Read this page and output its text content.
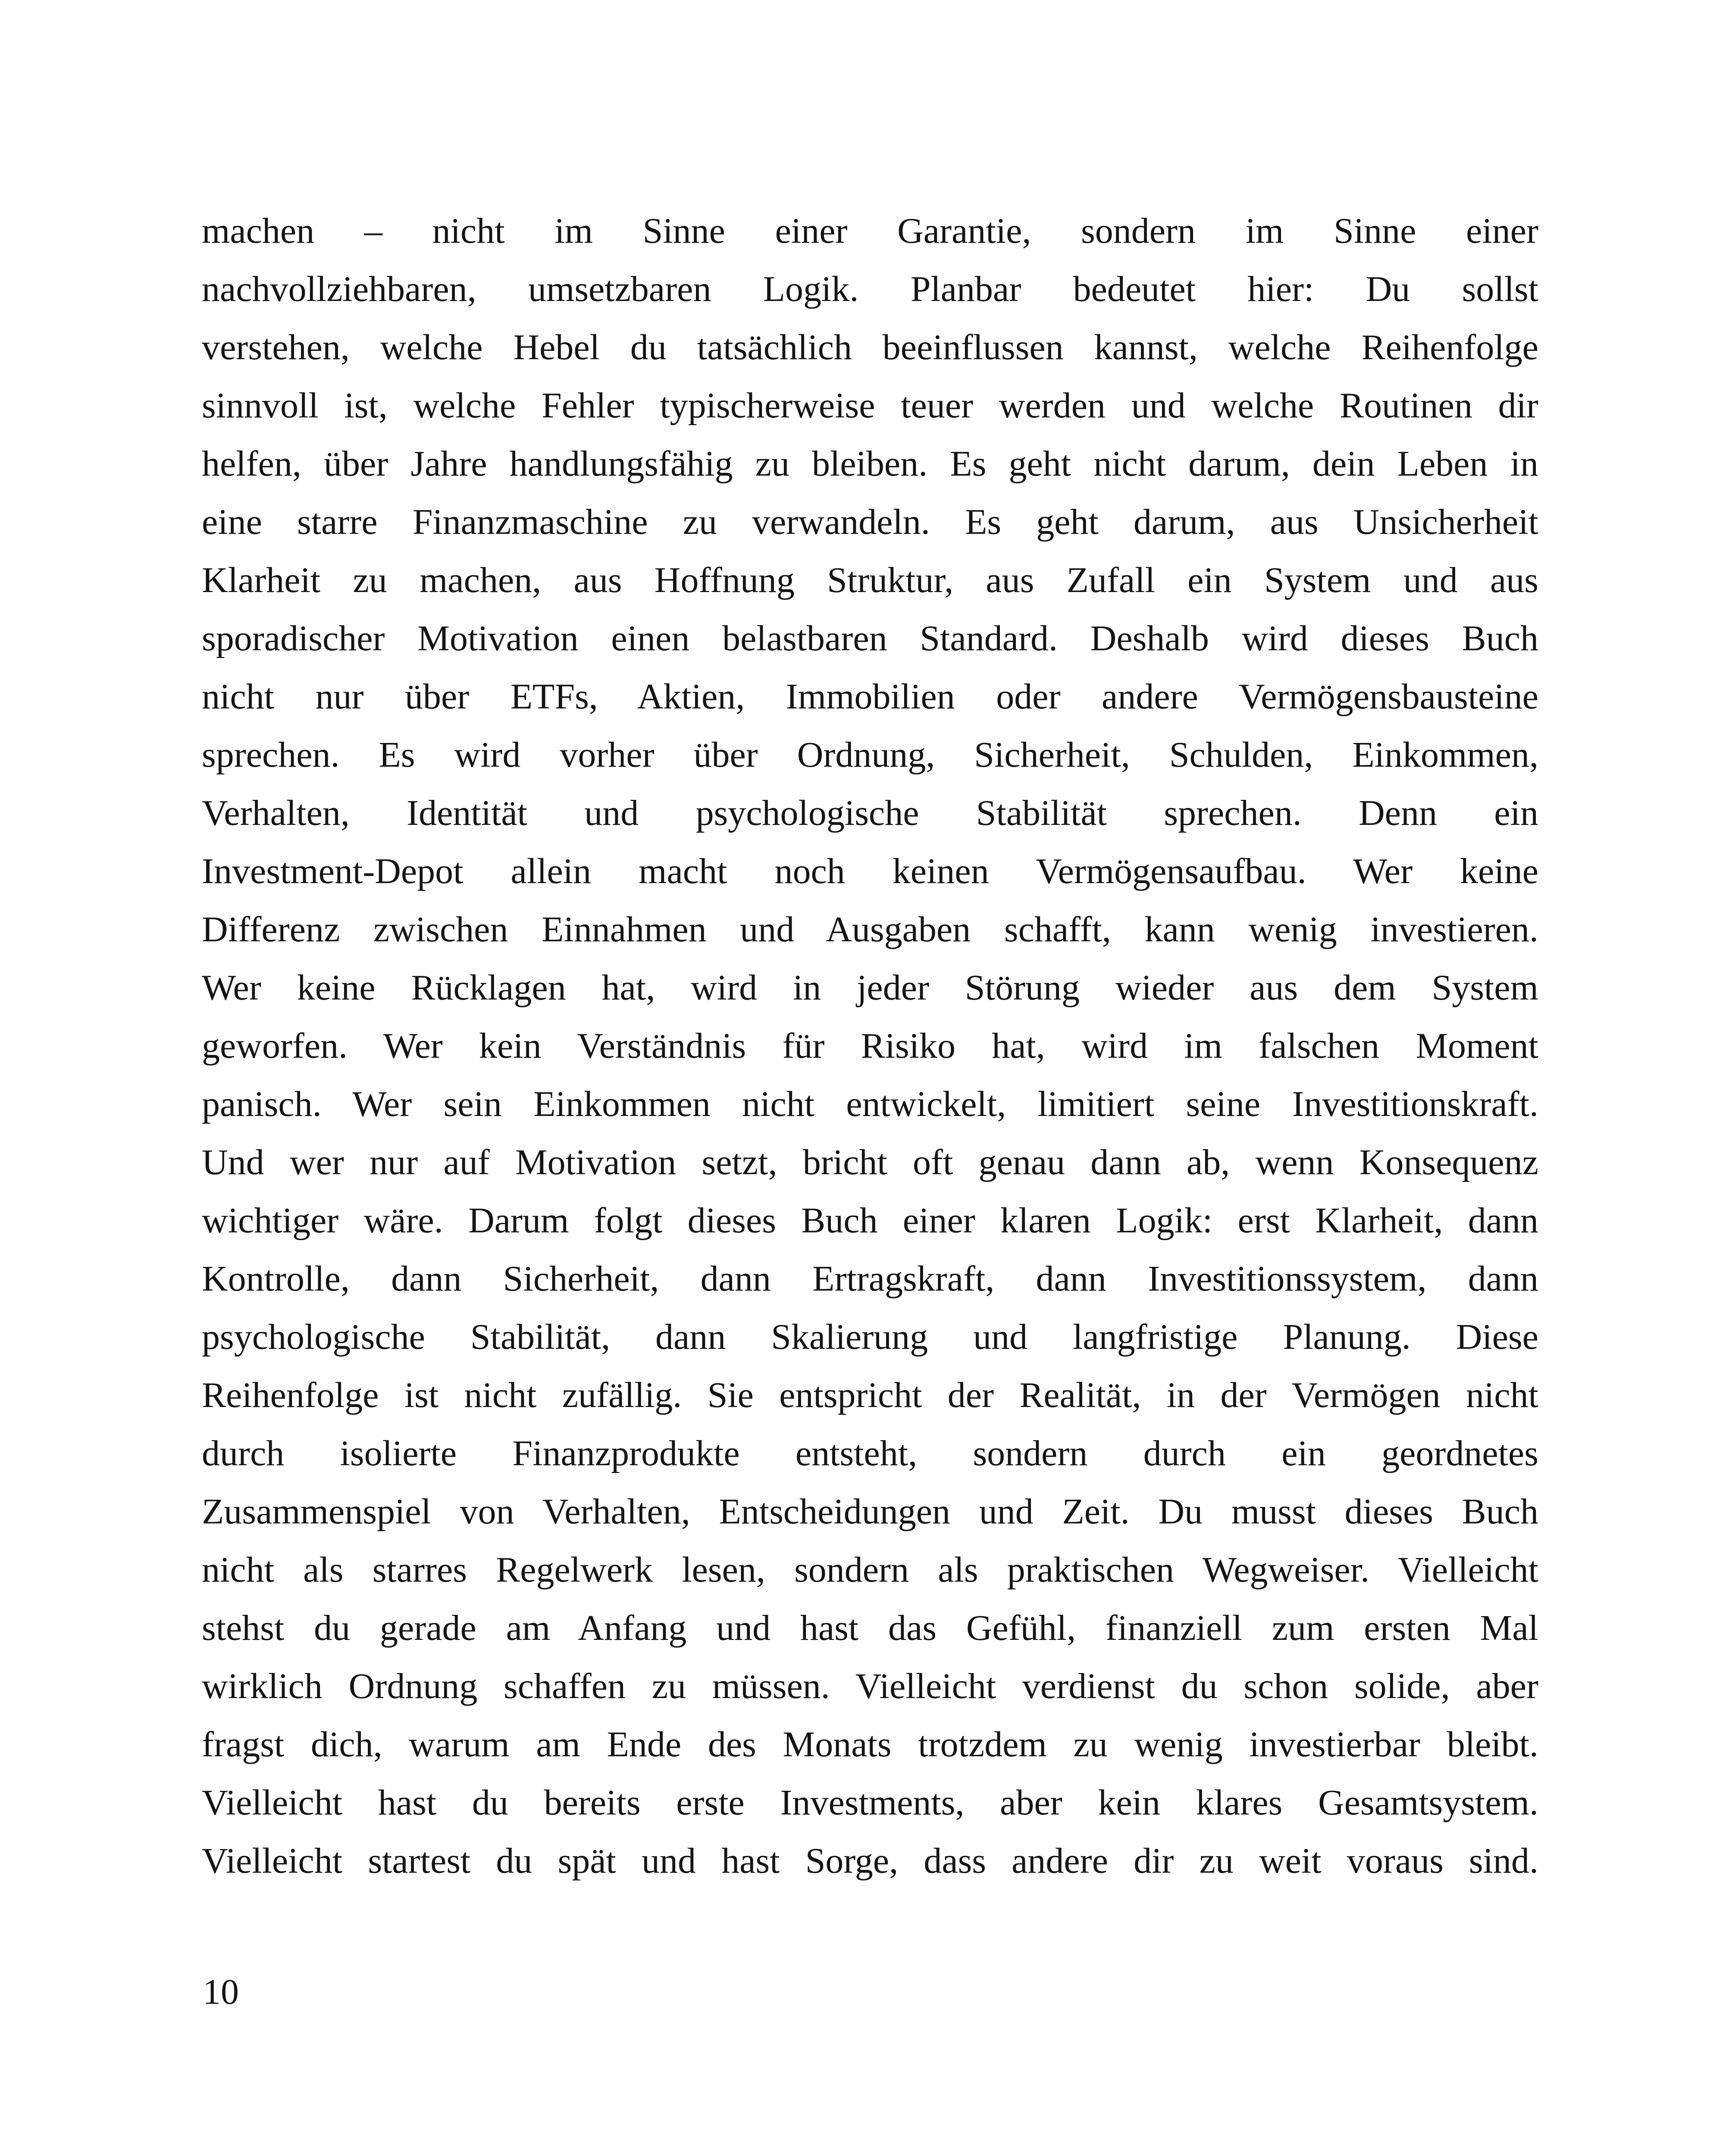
machen – nicht im Sinne einer Garantie, sondern im Sinne einer
nachvollziehbaren, umsetzbaren Logik. Planbar bedeutet hier: Du sollst
verstehen, welche Hebel du tatsächlich beeinflussen kannst, welche Reihenfolge
sinnvoll ist, welche Fehler typischerweise teuer werden und welche Routinen dir
helfen, über Jahre handlungsfähig zu bleiben. Es geht nicht darum, dein Leben in
eine starre Finanzmaschine zu verwandeln. Es geht darum, aus Unsicherheit
Klarheit zu machen, aus Hoffnung Struktur, aus Zufall ein System und aus
sporadischer Motivation einen belastbaren Standard. Deshalb wird dieses Buch
nicht nur über ETFs, Aktien, Immobilien oder andere Vermögensbausteine
sprechen. Es wird vorher über Ordnung, Sicherheit, Schulden, Einkommen,
Verhalten, Identität und psychologische Stabilität sprechen. Denn ein
Investment-Depot allein macht noch keinen Vermögensaufbau. Wer keine
Differenz zwischen Einnahmen und Ausgaben schafft, kann wenig investieren.
Wer keine Rücklagen hat, wird in jeder Störung wieder aus dem System
geworfen. Wer kein Verständnis für Risiko hat, wird im falschen Moment
panisch. Wer sein Einkommen nicht entwickelt, limitiert seine Investitionskraft.
Und wer nur auf Motivation setzt, bricht oft genau dann ab, wenn Konsequenz
wichtiger wäre. Darum folgt dieses Buch einer klaren Logik: erst Klarheit, dann
Kontrolle, dann Sicherheit, dann Ertragskraft, dann Investitionssystem, dann
psychologische Stabilität, dann Skalierung und langfristige Planung. Diese
Reihenfolge ist nicht zufällig. Sie entspricht der Realität, in der Vermögen nicht
durch isolierte Finanzprodukte entsteht, sondern durch ein geordnetes
Zusammenspiel von Verhalten, Entscheidungen und Zeit. Du musst dieses Buch
nicht als starres Regelwerk lesen, sondern als praktischen Wegweiser. Vielleicht
stehst du gerade am Anfang und hast das Gefühl, finanziell zum ersten Mal
wirklich Ordnung schaffen zu müssen. Vielleicht verdienst du schon solide, aber
fragst dich, warum am Ende des Monats trotzdem zu wenig investierbar bleibt.
Vielleicht hast du bereits erste Investments, aber kein klares Gesamtsystem.
Vielleicht startest du spät und hast Sorge, dass andere dir zu weit voraus sind.

10
